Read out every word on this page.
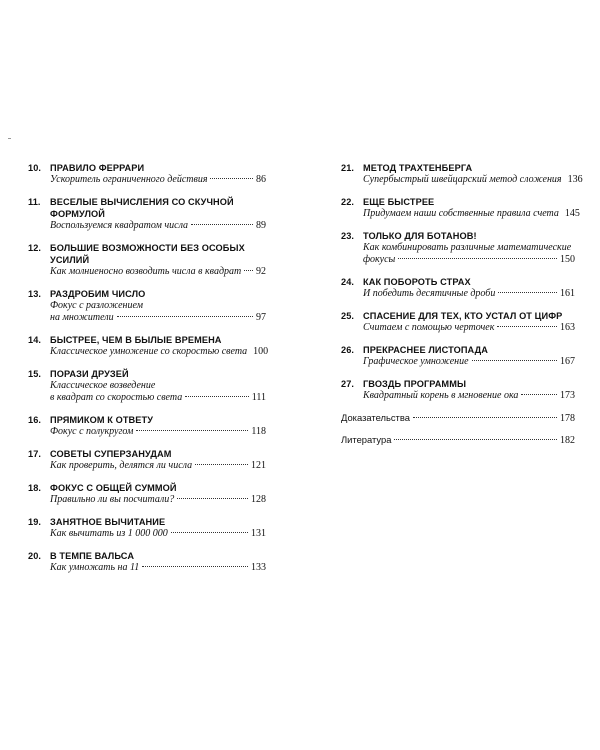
10. ПРАВИЛО ФЕРРАРИ
Ускоритель ограниченного действия	86
11.	ВЕСЕЛЫЕ ВЫЧИСЛЕНИЯ СО СКУЧНОЙ ФОРМУЛОЙ
Воспользуемся квадратом числа	89
12. БОЛЬШИЕ ВОЗМОЖНОСТИ БЕЗ ОСОБЫХ УСИЛИЙ
Как молниеносно возводить числа в квадрат 92
13. РАЗДРОБИМ ЧИСЛО
Фокус с разложением
на множители	97
14. БЫСТРЕЕ, ЧЕМ В БЫЛЫЕ ВРЕМЕНА
Классическое умножение со скоростью света 100
15. ПОРАЗИ ДРУЗЕЙ
Классическое возведение
в квадрат со скоростью света	111
16. ПРЯМИКОМ К ОТВЕТУ
Фокус с полукругом	118
17. СОВЕТЫ СУПЕРЗАНУДАМ
Как проверить, делятся ли числа	121
18. ФОКУС С ОБЩЕЙ СУММОЙ
Правильно ли вы посчитали?	128
19. ЗАНЯТНОЕ ВЫЧИТАНИЕ
Как вычитать из 1 000 000	131
20. В ТЕМПЕ ВАЛЬСА
Как умножать на 11	133
21. МЕТОД ТРАХТЕНБЕРГА
Супербыстрый швейцарский метод сложения 136
22. ЕЩЕ БЫСТРЕЕ
Придумаем наши собственные правила счета 145
23. ТОЛЬКО ДЛЯ БОТАНОВ!
Как комбинировать различные математические
фокусы	150
24. КАК ПОБОРОТЬ СТРАХ
И победить десятичные дроби	161
25. СПАСЕНИЕ ДЛЯ ТЕХ, КТО УСТАЛ ОТ ЦИФР
Считаем с помощью черточек	163
26. ПРЕКРАСНЕЕ ЛИСТОПАДА
Графическое умножение	167
27. ГВОЗДЬ ПРОГРАММЫ
Квадратный корень в мгновение ока	173
Доказательства	178
Литература	182
